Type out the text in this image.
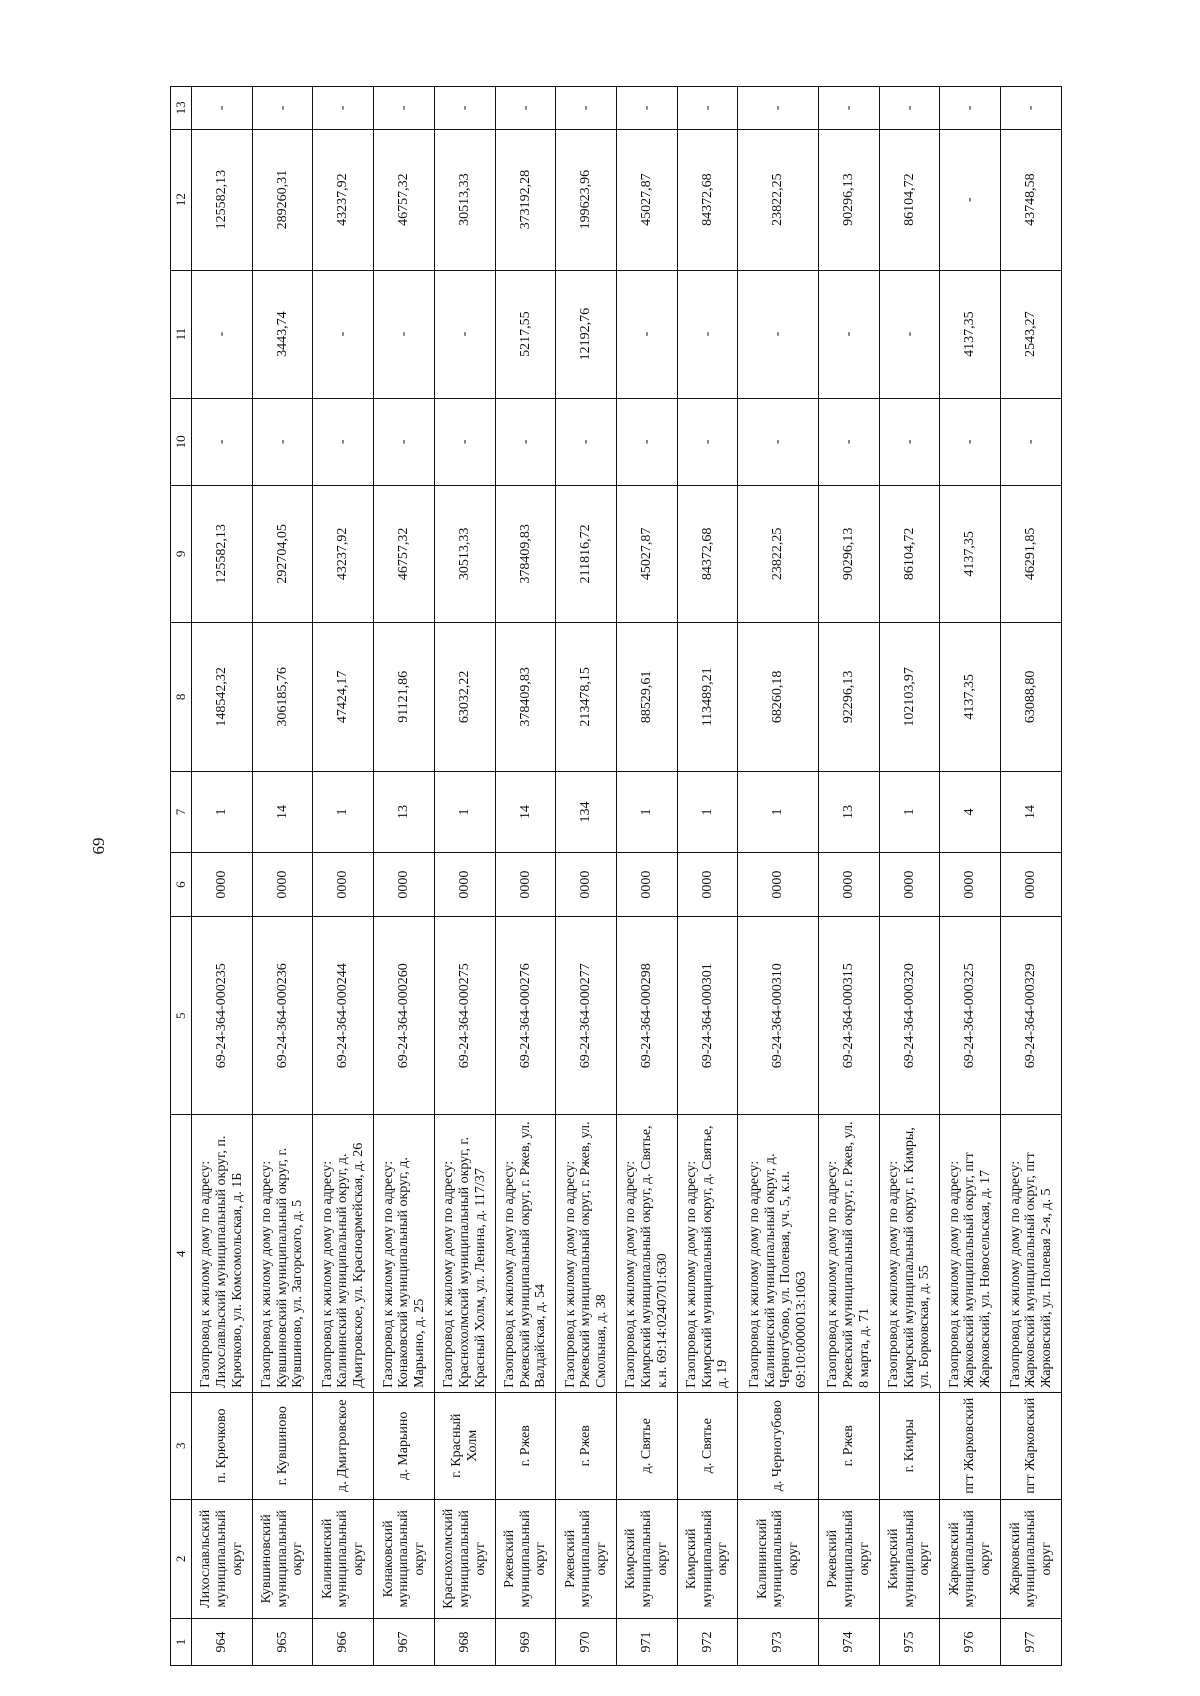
69
1	2	3	4	5	6	7	8	9	10	11	12	13
964	Лихославльский муниципальный округ	п. Крючково	Газопровод к жилому дому по адресу: Лихославльский муниципальный округ, п. Крючково, ул. Комсомольская, д. 1Б	69-24-364-000235	0000	1	148542,32	125582,13	-	-	125582,13	-
965	Кувшиновский муниципальный округ	г. Кувшиново	Газопровод к жилому дому по адресу: Кувшиновский муниципальный округ, г. Кувшиново, ул. Загорского, д. 5	69-24-364-000236	0000	14	306185,76	292704,05	-	3443,74	289260,31	-
966	Калининский муниципальный округ	д. Дмитровское	Газопровод к жилому дому по адресу: Калининский муниципальный округ, д. Дмитровское, ул. Красноармейская, д. 26	69-24-364-000244	0000	1	47424,17	43237,92	-	-	43237,92	-
967	Конаковский муниципальный округ	д. Марьино	Газопровод к жилому дому по адресу: Конаковский муниципальный округ, д. Марьино, д. 25	69-24-364-000260	0000	13	91121,86	46757,32	-	-	46757,32	-
968	Краснохолмский муниципальный округ	г. Красный Холм	Газопровод к жилому дому по адресу: Краснохолмский муниципальный округ, г. Красный Холм, ул. Ленина, д. 117/37	69-24-364-000275	0000	1	63032,22	30513,33	-	-	30513,33	-
969	Ржевский муниципальный округ	г. Ржев	Газопровод к жилому дому по адресу: Ржевский муниципальный округ, г. Ржев, ул. Валдайская, д. 54	69-24-364-000276	0000	14	378409,83	378409,83	-	5217,55	373192,28	-
970	Ржевский муниципальный округ	г. Ржев	Газопровод к жилому дому по адресу: Ржевский муниципальный округ, г. Ржев, ул. Смольная, д. 38	69-24-364-000277	0000	134	213478,15	211816,72	-	12192,76	199623,96	-
971	Кимрский муниципальный округ	д. Святье	Газопровод к жилому дому по адресу: Кимрский муниципальный округ, д. Святье, к.н. 69:14:0240701:630	69-24-364-000298	0000	1	88529,61	45027,87	-	-	45027,87	-
972	Кимрский муниципальный округ	д. Святье	Газопровод к жилому дому по адресу: Кимрский муниципальный округ, д. Святье, д. 19	69-24-364-000301	0000	1	113489,21	84372,68	-	-	84372,68	-
973	Калининский муниципальный округ	д. Черногубово	Газопровод к жилому дому по адресу: Калининский муниципальный округ, д. Черногубово, ул. Полевая, уч. 5, к.н. 69:10:0000013:1063	69-24-364-000310	0000	1	68260,18	23822,25	-	-	23822,25	-
974	Ржевский муниципальный округ	г. Ржев	Газопровод к жилому дому по адресу: Ржевский муниципальный округ, г. Ржев, ул. 8 марта, д. 71	69-24-364-000315	0000	13	92296,13	90296,13	-	-	90296,13	-
975	Кимрский муниципальный округ	г. Кимры	Газопровод к жилому дому по адресу: Кимрский муниципальный округ, г. Кимры, ул. Борковская, д. 55	69-24-364-000320	0000	1	102103,97	86104,72	-	-	86104,72	-
976	Жарковский муниципальный округ	пгт Жарковский	Газопровод к жилому дому по адресу: Жарковский муниципальный округ, пгт Жарковский, ул. Новосельская, д. 17	69-24-364-000325	0000	4	4137,35	4137,35	-	4137,35	-	-
977	Жарковский муниципальный округ	пгт Жарковский	Газопровод к жилому дому по адресу: Жарковский муниципальный округ, пгт Жарковский, ул. Полевая 2-я, д. 5	69-24-364-000329	0000	14	63088,80	46291,85	-	2543,27	43748,58	-
